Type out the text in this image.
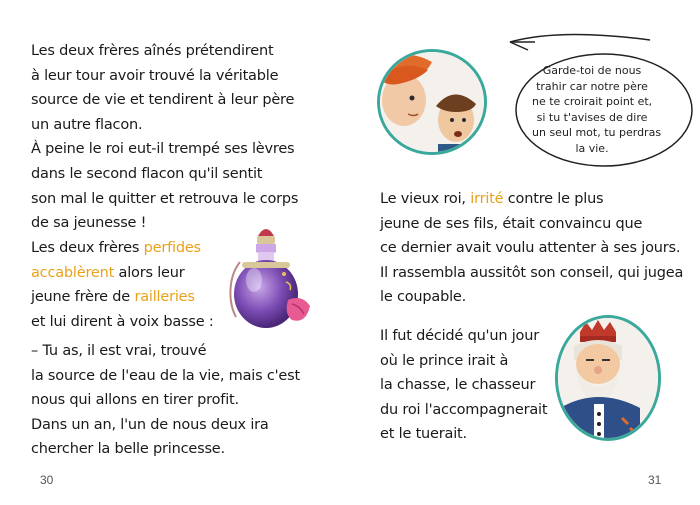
Les deux frères aînés prétendirent
à leur tour avoir trouvé la véritable
source de vie et tendirent à leur père
un autre flacon.
À peine le roi eut-il trempé ses lèvres
dans le second flacon qu'il sentit
son mal le quitter et retrouva le corps
de sa jeunesse !

Les deux frères perfides
accablèrent alors leur
jeune frère de railleries
et lui dirent à voix basse :

– Tu as, il est vrai, trouvé
la source de l'eau de la vie, mais c'est
nous qui allons en tirer profit.
Dans un an, l'un de nous deux ira
chercher la belle princesse.

30
Garde-toi de nous
trahir car notre père
ne te croirait point et,
si tu t'avises de dire
un seul mot, tu perdras
la vie.

Le vieux roi, irrité contre le plus
jeune de ses fils, était convaincu que
ce dernier avait voulu attenter à ses jours.
Il rassembla aussitôt son conseil, qui jugea
le coupable.

Il fut décidé qu'un jour
où le prince irait à
la chasse, le chasseur
du roi l'accompagnerait
et le tuerait.

31
